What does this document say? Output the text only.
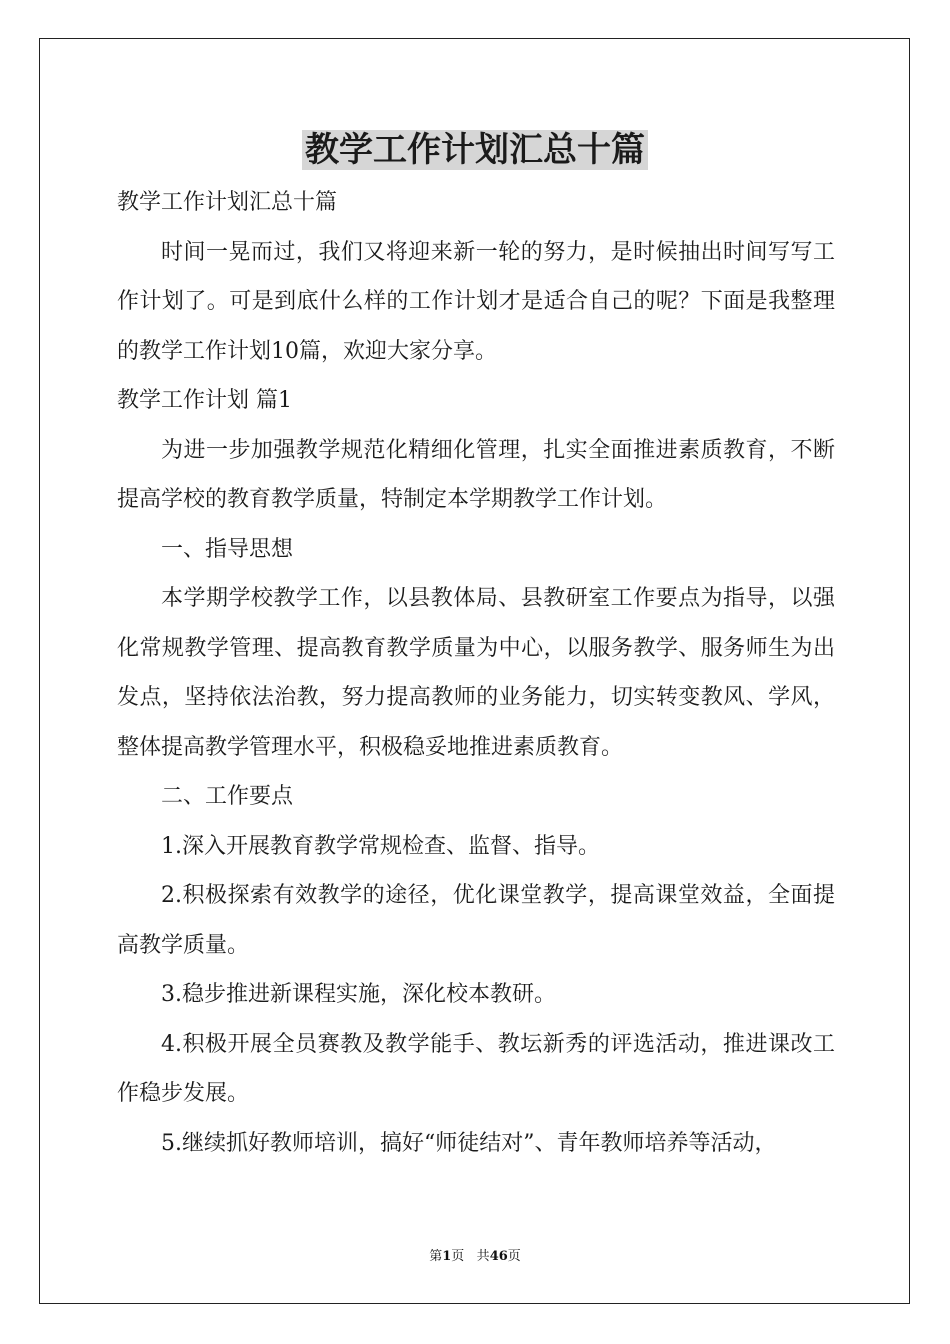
教学工作计划汇总十篇

教学工作计划汇总十篇

时间一晃而过，我们又将迎来新一轮的努力，是时候抽出时间写写工作计划了。可是到底什么样的工作计划才是适合自己的呢？下面是我整理的教学工作计划10篇，欢迎大家分享。

教学工作计划 篇1

为进一步加强教学规范化精细化管理，扎实全面推进素质教育，不断提高学校的教育教学质量，特制定本学期教学工作计划。

一、指导思想

本学期学校教学工作，以县教体局、县教研室工作要点为指导，以强化常规教学管理、提高教育教学质量为中心，以服务教学、服务师生为出发点，坚持依法治教，努力提高教师的业务能力，切实转变教风、学风，整体提高教学管理水平，积极稳妥地推进素质教育。

二、工作要点

1.深入开展教育教学常规检查、监督、指导。

2.积极探索有效教学的途径，优化课堂教学，提高课堂效益，全面提高教学质量。

3.稳步推进新课程实施，深化校本教研。

4.积极开展全员赛教及教学能手、教坛新秀的评选活动，推进课改工作稳步发展。

5.继续抓好教师培训，搞好“师徒结对”、青年教师培养等活动，

第1页 共46页
